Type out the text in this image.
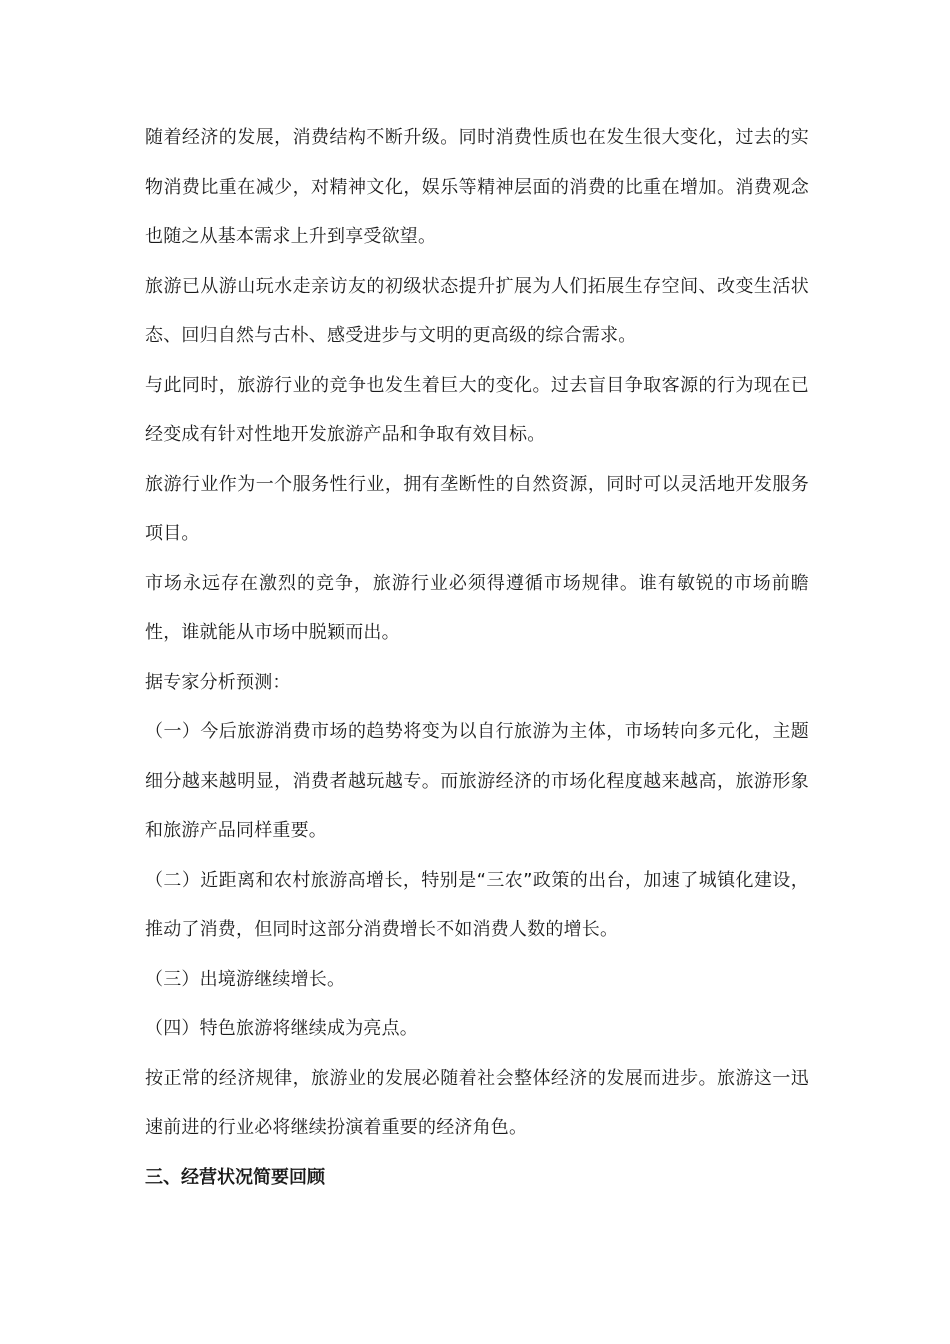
随着经济的发展，消费结构不断升级。同时消费性质也在发生很大变化，过去的实物消费比重在减少，对精神文化，娱乐等精神层面的消费的比重在增加。消费观念也随之从基本需求上升到享受欲望。

旅游已从游山玩水走亲访友的初级状态提升扩展为人们拓展生存空间、改变生活状态、回归自然与古朴、感受进步与文明的更高级的综合需求。

与此同时，旅游行业的竞争也发生着巨大的变化。过去盲目争取客源的行为现在已经变成有针对性地开发旅游产品和争取有效目标。

旅游行业作为一个服务性行业，拥有垄断性的自然资源，同时可以灵活地开发服务项目。

市场永远存在激烈的竞争，旅游行业必须得遵循市场规律。谁有敏锐的市场前瞻性，谁就能从市场中脱颖而出。

据专家分析预测：

（一）今后旅游消费市场的趋势将变为以自行旅游为主体，市场转向多元化，主题细分越来越明显，消费者越玩越专。而旅游经济的市场化程度越来越高，旅游形象和旅游产品同样重要。

（二）近距离和农村旅游高增长，特别是“三农”政策的出台，加速了城镇化建设，推动了消费，但同时这部分消费增长不如消费人数的增长。

（三）出境游继续增长。

（四）特色旅游将继续成为亮点。

按正常的经济规律，旅游业的发展必随着社会整体经济的发展而进步。旅游这一迅速前进的行业必将继续扮演着重要的经济角色。

三、经营状况简要回顾
